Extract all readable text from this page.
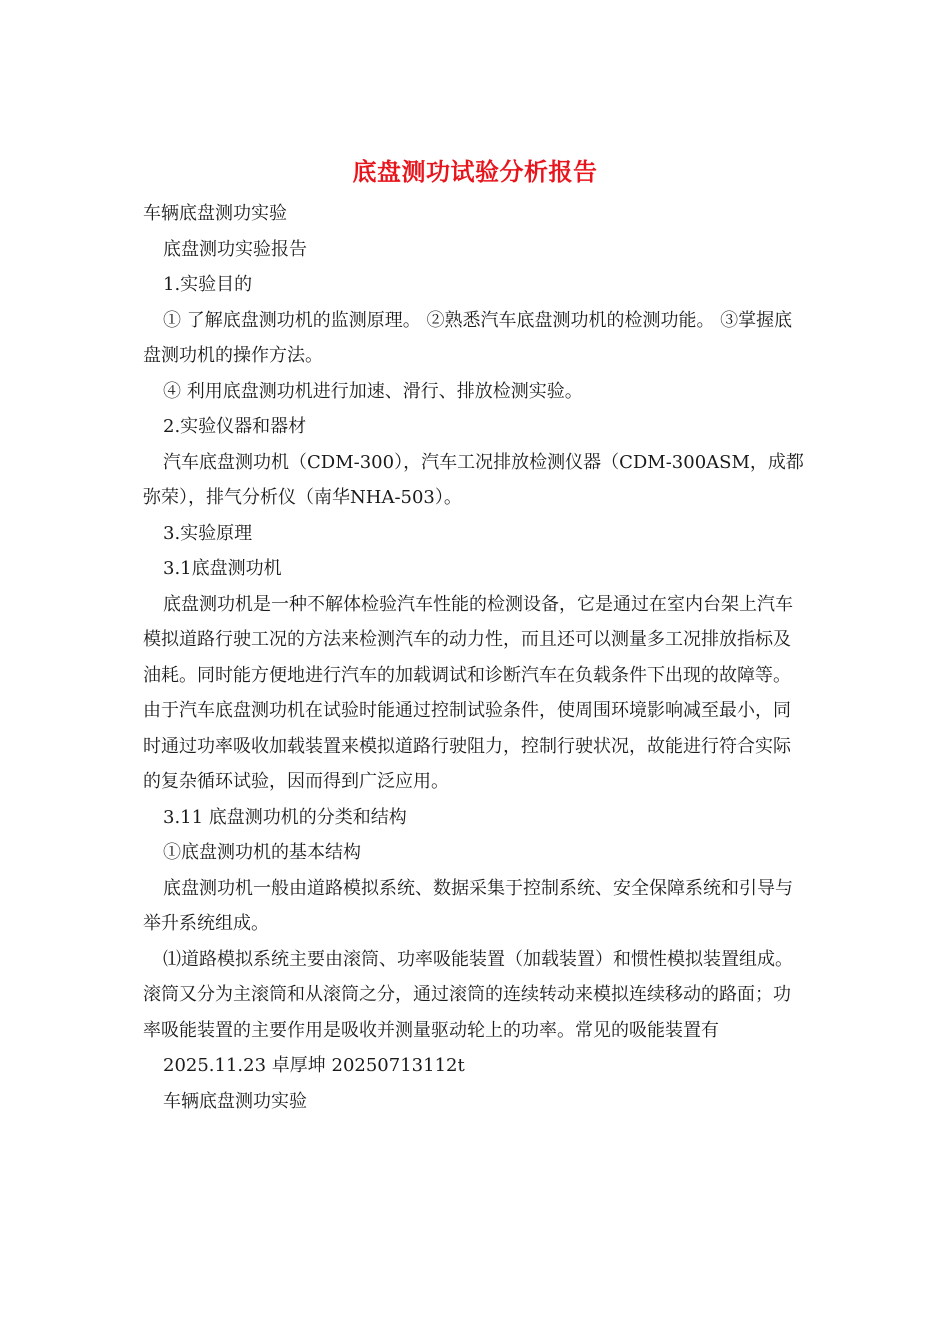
底盘测功试验分析报告

车辆底盘测功实验

底盘测功实验报告

1.实验目的

① 了解底盘测功机的监测原理。 ②熟悉汽车底盘测功机的检测功能。 ③掌握底盘测功机的操作方法。

④ 利用底盘测功机进行加速、滑行、排放检测实验。

2.实验仪器和器材

汽车底盘测功机（CDM-300），汽车工况排放检测仪器（CDM-300ASM，成都弥荣），排气分析仪（南华NHA-503）。

3.实验原理

3.1底盘测功机

底盘测功机是一种不解体检验汽车性能的检测设备，它是通过在室内台架上汽车模拟道路行驶工况的方法来检测汽车的动力性，而且还可以测量多工况排放指标及油耗。同时能方便地进行汽车的加载调试和诊断汽车在负载条件下出现的故障等。由于汽车底盘测功机在试验时能通过控制试验条件，使周围环境影响减至最小，同时通过功率吸收加载装置来模拟道路行驶阻力，控制行驶状况，故能进行符合实际的复杂循环试验，因而得到广泛应用。

3.11 底盘测功机的分类和结构

①底盘测功机的基本结构

底盘测功机一般由道路模拟系统、数据采集于控制系统、安全保障系统和引导与举升系统组成。

⑴道路模拟系统主要由滚筒、功率吸能装置（加载装置）和惯性模拟装置组成。滚筒又分为主滚筒和从滚筒之分，通过滚筒的连续转动来模拟连续移动的路面；功率吸能装置的主要作用是吸收并测量驱动轮上的功率。常见的吸能装置有

2025.11.23 卓厚坤 20250713112t

车辆底盘测功实验
